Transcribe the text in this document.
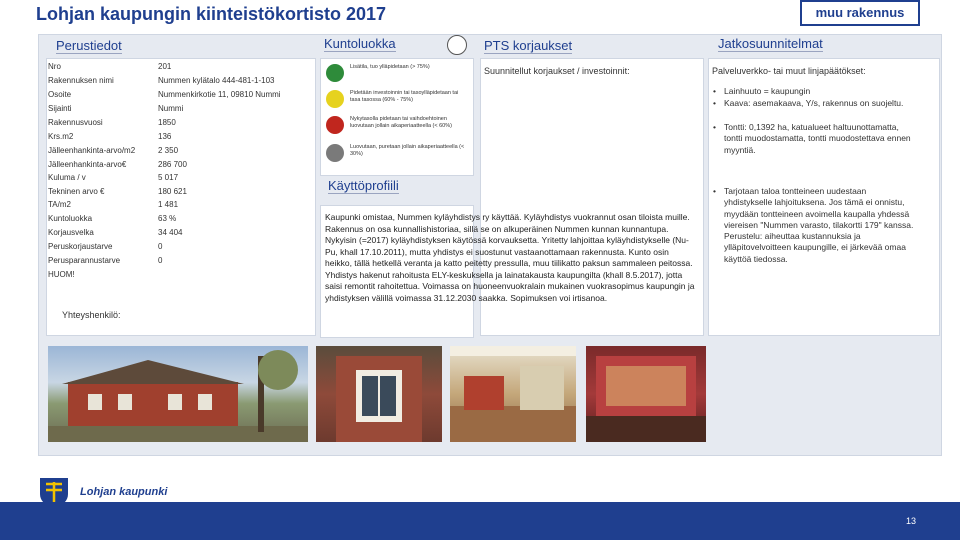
Lohjan kaupungin kiinteistökortisto 2017	muu rakennus
Perustiedot	Kuntoluokka	PTS korjaukset	Jatkosuunnitelmat
Nro	201
Rakennuksen nimi	Nummen kylätalo 444-481-1-103
Osoite	Nummenkirkotie 11, 09810 Nummi
Sijainti	Nummi
Rakennusvuosi	1850
Krs.m2	136
Jälleenhankinta-arvo/m2	2 350
Jälleenhankinta-arvo€	286 700
Kulumа / v	5 017
Tekninen arvo €	180 621
TA/m2	1 481
Kuntoluokka	63 %
Korjausvelka	34 404
Peruskorjaustarve	0
Perusparannustarve	0
HUOM!
Yhteyshenkilö:
Lisätila, tuo ylläpidetaan (> 75%)
Pidetään investoinnin tai tasoylläpidetaan tai tasa tasossa (60% - 75%)
Nykytasolla pidetaan tai vaihdoehtoinen luovutaan jollain aikaperiaatteella (< 60%)
Luovutaan, puretaan jollain aikaperiaatteella (< 30%)
Käyttöprofiili
Kaupunki omistaa, Nummen kyläyhdistys ry käyttää. Kyläyhdistys vuokrannut osan tiloista muille. Rakennus on osa kunnallishistoriaa, sillä se on alkuperäinen Nummen kunnan kunnantupa. Nykyisin (=2017) kyläyhdistyksen käytössä korvauksetta. Yritetty lahjoittaa kyläyhdistykselle (Nu-Pu, khall 17.10.2011), mutta yhdistys ei suostunut vastaanottamaan rakennusta. Kunto osin heikko, tällä hetkellä veranta ja katto peitetty pressulla, muu tiilikatto paksun sammaleen peitossa. Yhdistys hakenut rahoitusta ELY-keskuksella ja lainatakausta kaupungilta (khall 8.5.2017), jotta saisi remontit rahoitettua. Voimassa on huoneenvuokralain mukainen vuokrasopimus kaupungin ja yhdistyksen välillä voimassa 31.12.2030 saakka. Sopimuksen voi irtisanoa.
Suunnitellut korjaukset / investoinnit:	Palveluverkko- tai muut linjapäätökset:
• Lainhuuto = kaupungin
• Kaava: asemakaava, Y/s, rakennus on suojeltu.
• Tontti: 0,1392 ha, katualueet haltuunottamatta, tontti muodostamatta, tontti muodostettava ennen myyntiä.
• Tarjotaan taloa tontteineen uudestaan yhdistykselle lahjoituksena. Jos tämä ei onnistu, myydään tontteineen avoimella kaupalla yhdessä viereisen "Nummen varasto, tilakortti 179" kanssa. Perustelu: aiheuttaa kustannuksia ja ylläpitovelvoitteen kaupungille, ei järkevää omaa käyttöä tiedossa.
Lohjan kaupunki
13
